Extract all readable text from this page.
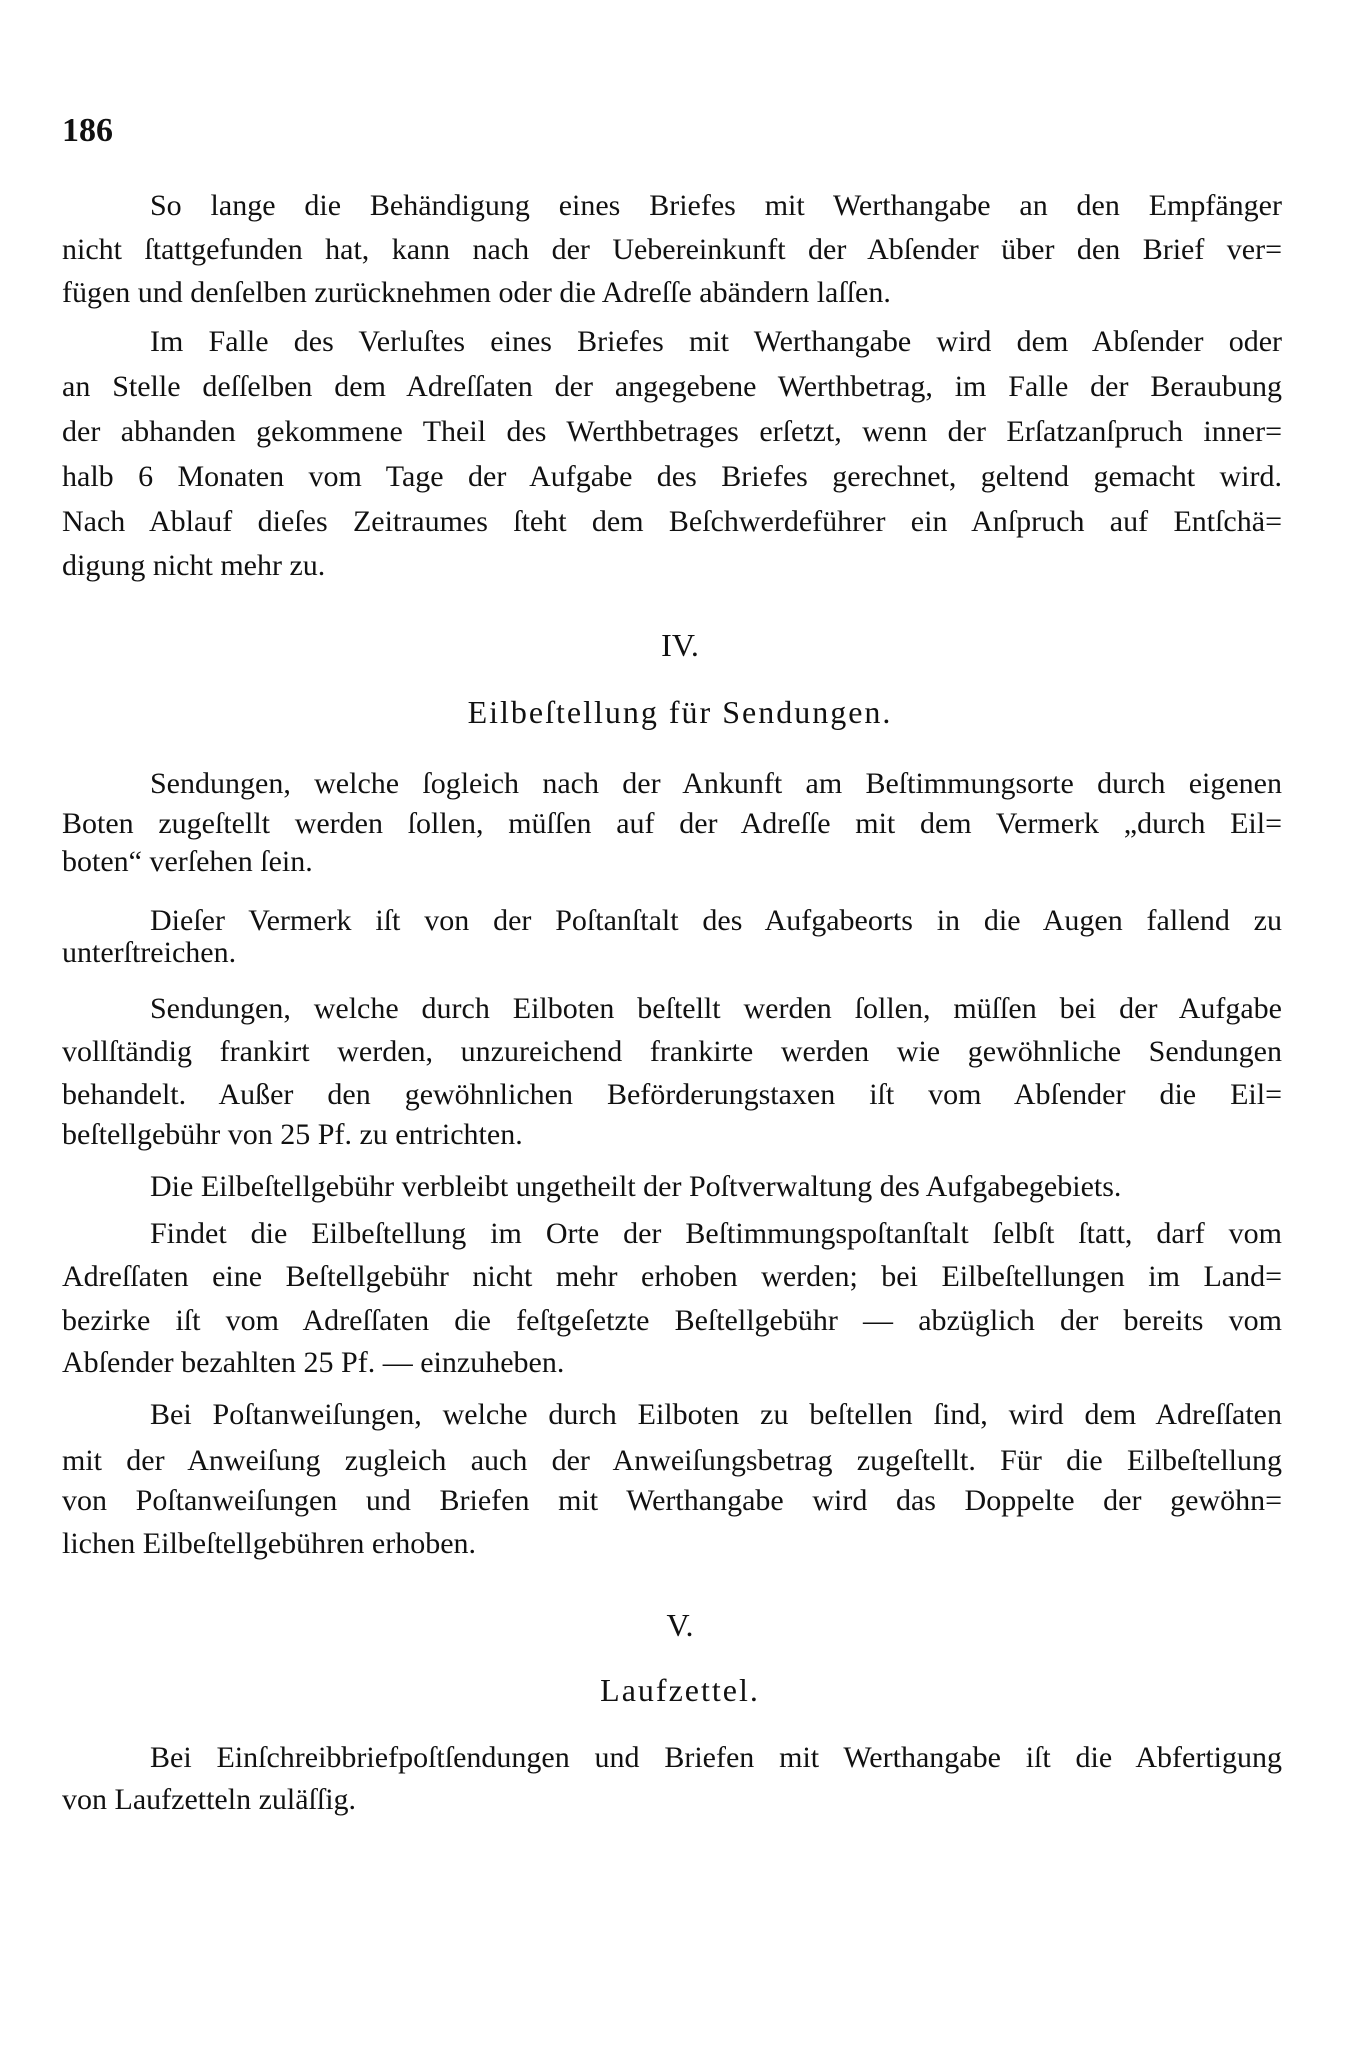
186
So lange die Behändigung eines Briefes mit Werthangabe an den Empfänger
nicht ſtattgefunden hat, kann nach der Uebereinkunft der Abſender über den Brief ver=
fügen und denſelben zurücknehmen oder die Adreſſe abändern laſſen.
Im Falle des Verluſtes eines Briefes mit Werthangabe wird dem Abſender oder
an Stelle deſſelben dem Adreſſaten der angegebene Werthbetrag, im Falle der Beraubung
der abhanden gekommene Theil des Werthbetrages erſetzt, wenn der Erſatzanſpruch inner=
halb 6 Monaten vom Tage der Aufgabe des Briefes gerechnet, geltend gemacht wird.
Nach Ablauf dieſes Zeitraumes ſteht dem Beſchwerdeführer ein Anſpruch auf Entſchä=
digung nicht mehr zu.
IV.
Eilbeſtellung für Sendungen.
Sendungen, welche ſogleich nach der Ankunft am Beſtimmungsorte durch eigenen
Boten zugeſtellt werden ſollen, müſſen auf der Adreſſe mit dem Vermerk „durch Eil=
boten“ verſehen ſein.
Dieſer Vermerk iſt von der Poſtanſtalt des Aufgabeorts in die Augen fallend zu
unterſtreichen.
Sendungen, welche durch Eilboten beſtellt werden ſollen, müſſen bei der Aufgabe
vollſtändig frankirt werden, unzureichend frankirte werden wie gewöhnliche Sendungen
behandelt. Außer den gewöhnlichen Beförderungstaxen iſt vom Abſender die Eil=
beſtellgebühr von 25 Pf. zu entrichten.
Die Eilbeſtellgebühr verbleibt ungetheilt der Poſtverwaltung des Aufgabegebiets.
Findet die Eilbeſtellung im Orte der Beſtimmungspoſtanſtalt ſelbſt ſtatt, darf vom
Adreſſaten eine Beſtellgebühr nicht mehr erhoben werden; bei Eilbeſtellungen im Land=
bezirke iſt vom Adreſſaten die feſtgeſetzte Beſtellgebühr — abzüglich der bereits vom
Abſender bezahlten 25 Pf. — einzuheben.
Bei Poſtanweiſungen, welche durch Eilboten zu beſtellen ſind, wird dem Adreſſaten
mit der Anweiſung zugleich auch der Anweiſungsbetrag zugeſtellt. Für die Eilbeſtellung
von Poſtanweiſungen und Briefen mit Werthangabe wird das Doppelte der gewöhn=
lichen Eilbeſtellgebühren erhoben.
V.
Laufzettel.
Bei Einſchreibbriefpoſtſendungen und Briefen mit Werthangabe iſt die Abfertigung
von Laufzetteln zuläſſig.
